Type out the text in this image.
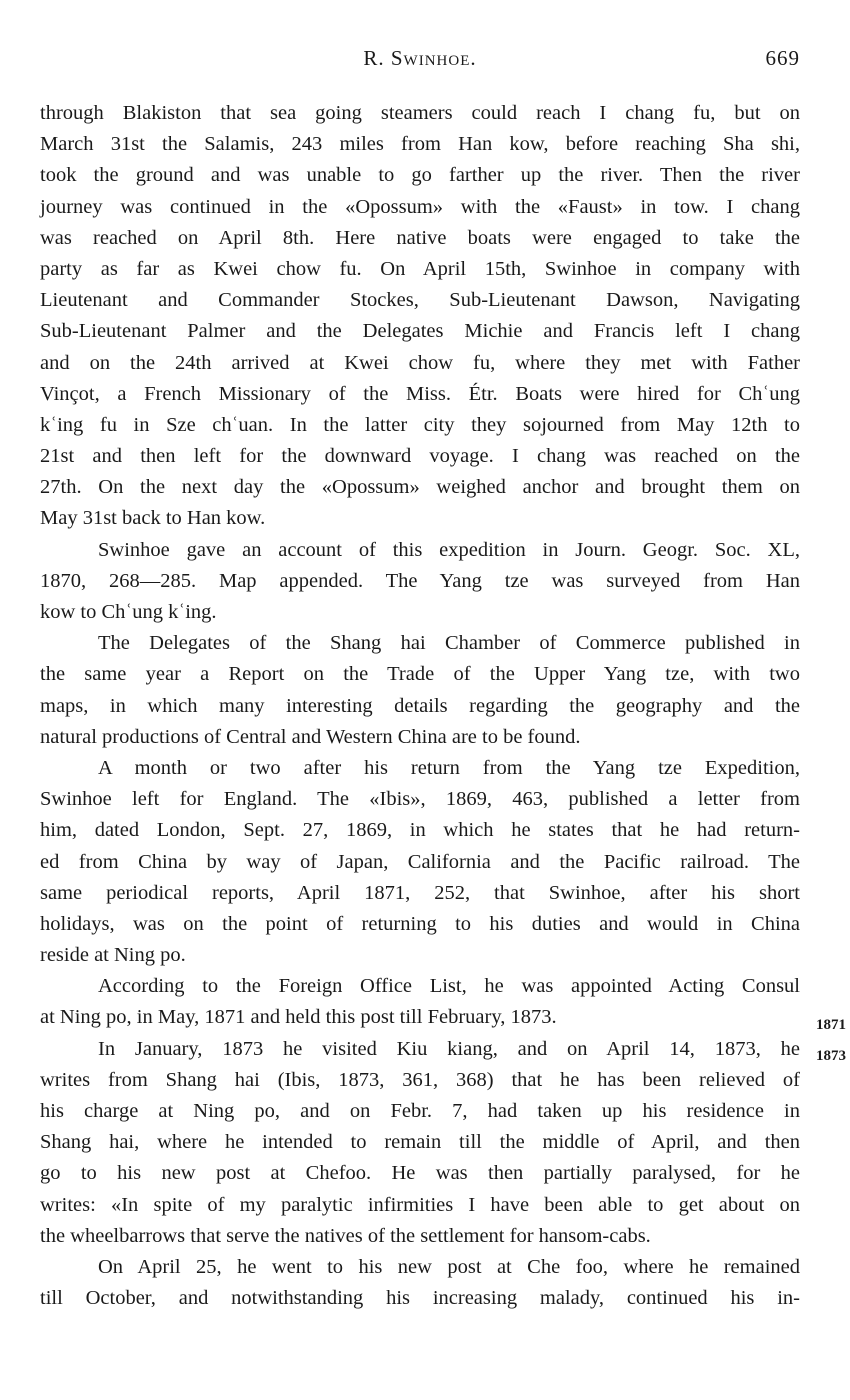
R. Swinhoe.	669
through Blakiston that sea going steamers could reach I chang fu, but on
March 31st the Salamis, 243 miles from Han kow, before reaching Sha shi,
took the ground and was unable to go farther up the river. Then the river
journey was continued in the «Opossum» with the «Faust» in tow. I chang
was reached on April 8th. Here native boats were engaged to take the
party as far as Kwei chow fu. On April 15th, Swinhoe in company with
Lieutenant and Commander Stockes, Sub-Lieutenant Dawson, Navigating
Sub-Lieutenant Palmer and the Delegates Michie and Francis left I chang
and on the 24th arrived at Kwei chow fu, where they met with Father
Vinçot, a French Missionary of the Miss. Étr. Boats were hired for Chʿung
kʿing fu in Sze chʿuan. In the latter city they sojourned from May 12th to
21st and then left for the downward voyage. I chang was reached on the
27th. On the next day the «Opossum» weighed anchor and brought them on
May 31st back to Han kow.
Swinhoe gave an account of this expedition in Journ. Geogr. Soc. XL,
1870, 268—285. Map appended. The Yang tze was surveyed from Han
kow to Chʿung kʿing.
The Delegates of the Shang hai Chamber of Commerce published in
the same year a Report on the Trade of the Upper Yang tze, with two
maps, in which many interesting details regarding the geography and the
natural productions of Central and Western China are to be found.
A month or two after his return from the Yang tze Expedition,
Swinhoe left for England. The «Ibis», 1869, 463, published a letter from
him, dated London, Sept. 27, 1869, in which he states that he had return-
ed from China by way of Japan, California and the Pacific railroad. The
same periodical reports, April 1871, 252, that Swinhoe, after his short
holidays, was on the point of returning to his duties and would in China
reside at Ning po.
According to the Foreign Office List, he was appointed Acting Consul
at Ning po, in May, 1871 and held this post till February, 1873.
In January, 1873 he visited Kiu kiang, and on April 14, 1873, he
writes from Shang hai (Ibis, 1873, 361, 368) that he has been relieved of
his charge at Ning po, and on Febr. 7, had taken up his residence in
Shang hai, where he intended to remain till the middle of April, and then
go to his new post at Chefoo. He was then partially paralysed, for he
writes: «In spite of my paralytic infirmities I have been able to get about on
the wheelbarrows that serve the natives of the settlement for hansom-cabs.
On April 25, he went to his new post at Che foo, where he remained
till October, and notwithstanding his increasing malady, continued his in-
1871
1873
